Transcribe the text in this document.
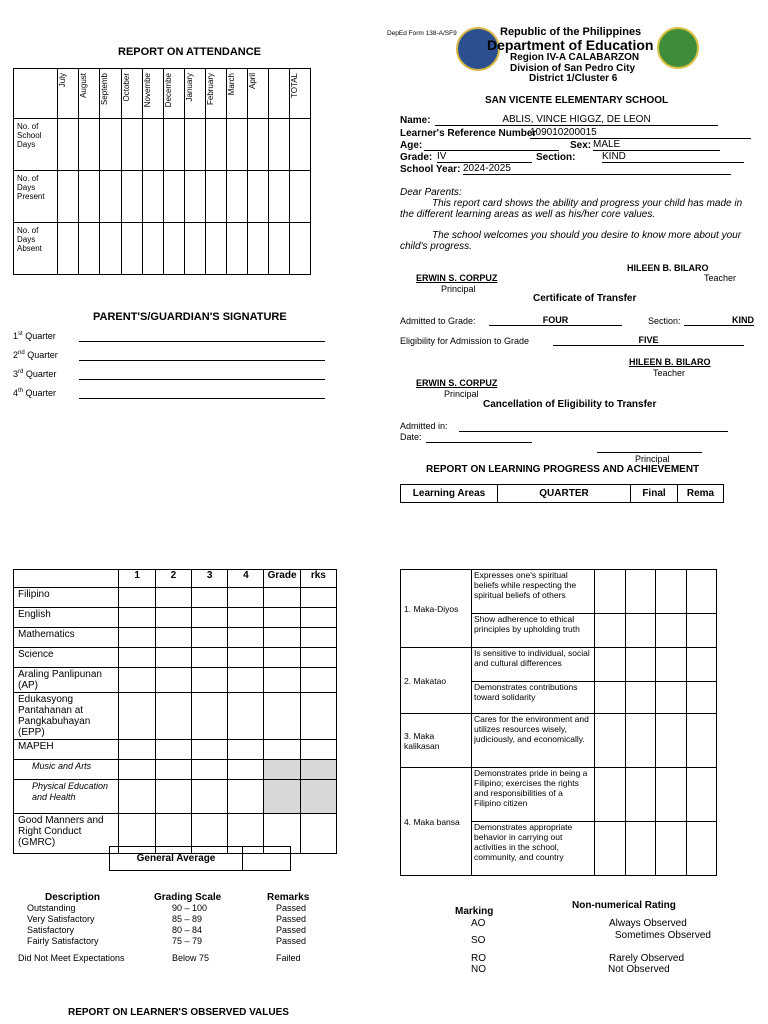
REPORT ON ATTENDANCE

	July	August	Septemb	October	Novembe	Decembe	January	February	March	April		TOTAL

No. of School Days												
No. of Days Present												
No. of Days Absent												
PARENT'S/GUARDIAN'S SIGNATURE
1st Quarter
2nd Quarter
3rd Quarter
4th Quarter
DepEd Form 138-A/SF9	Republic of the Philippines
Department of Education
Region IV-A CALABARZON
Division of San Pedro City
District 1/Cluster 6
SAN VICENTE ELEMENTARY SCHOOL
Name:	ABLIS, VINCE HIGGZ, DE LEON
Learner's Reference Number
109010200015
Age:	Sex: MALE
Grade: IV	Section:	KIND
School Year: 2024-2025
Dear Parents:
This report card shows the ability and progress your child has made in the different learning areas as well as his/her core values.
The school welcomes you should you desire to know more about your child's progress.
HILEEN B. BILARO
Teacher
ERWIN S. CORPUZ
Principal
Certificate of Transfer
Admitted to Grade:	FOUR	Section:	KIND
Eligibility for Admission to Grade	FIVE
HILEEN B. BILARO
Teacher
ERWIN S. CORPUZ
Principal
Cancellation of Eligibility to Transfer
Admitted in:
Date:
Principal
REPORT ON LEARNING PROGRESS AND ACHIEVEMENT
Learning Areas	QUARTER	Final	Rema
	1	2	3	4	Grade	rks
Filipino						
English						
Mathematics						
Science						
Araling Panlipunan (AP)						
Edukasyong Pantahanan at Pangkabuhayan (EPP)						
MAPEH						
Music and Arts						
Physical Education and Health						
Good Manners and Right Conduct (GMRC)						
General Average	
Description	Grading Scale	Remarks
Outstanding	90 – 100	Passed
Very Satisfactory	85 – 89	Passed
Satisfactory	80 – 84	Passed
Fairly Satisfactory	75 – 79	Passed
Did Not Meet Expectations	Below 75	Failed
1. Maka-Diyos	Expresses one's spiritual beliefs while respecting the spiritual beliefs of others				
	Show adherence to ethical principles by upholding truth				
2. Makatao	Is sensitive to individual, social and cultural differences				
	Demonstrates contributions toward solidarity				
3. Maka kalikasan	Cares for the environment and utilizes resources wisely, judiciously, and economically.				
4. Maka bansa	Demonstrates pride in being a Filipino; exercises the rights and responsibilities of a Filipino citizen				
	Demonstrates appropriate behavior in carrying out activities in the school, community, and country				
Marking
Non-numerical Rating
AO	Always Observed
SO	Sometimes Observed
RO	Rarely Observed
NO	Not Observed
REPORT ON LEARNER'S OBSERVED VALUES
